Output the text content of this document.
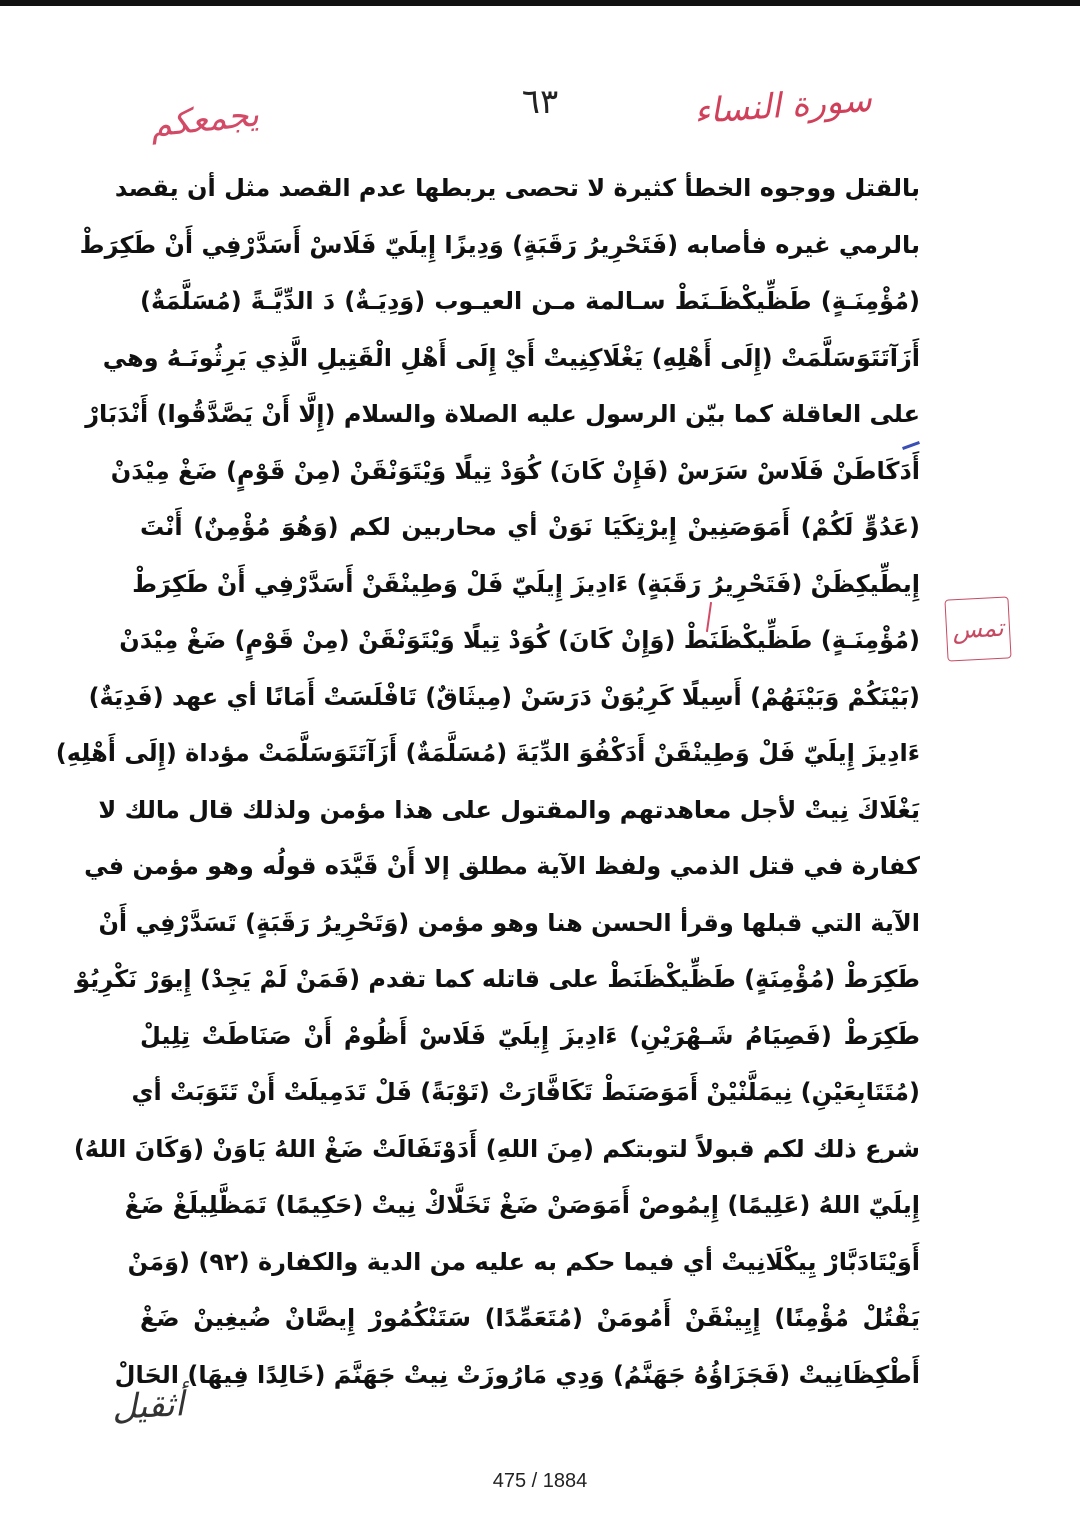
٦٣	سورة النساء
يجمعكم
تمس
بالقتل ووجوه الخطأ كثيرة لا تحصى يربطها عدم القصد مثل أن يقصد
بالرمي غيره فأصابه (فَتَحْرِيرُ رَقَبَةٍ) وَدِيزًا إِيلَيّ فَلَاسْ أَسَدَّرْفِي أَنْ طَكِرَطْ
(مُؤْمِنَـةٍ) طَظِّيكْظَـنَطْ سـالمة مـن العيـوب (وَدِيَـةٌ) دَ الدِّيَّـةً (مُسَلَّمَةٌ)
أَزَآتَتَوَسَلَّمَتْ (إِلَى أَهْلِهِ) يَغْلَاكِنِيتْ أَيْ إِلَى أَهْلِ الْقَتِيلِ الَّذِي يَرِثُونَـهُ وهي
على العاقلة كما بيّن الرسول عليه الصلاة والسلام (إِلَّا أَنْ يَصَّدَّقُوا) أَنْدَبَارْ
أَدَكَاطَنْ فَلَاسْ سَرَسْ (فَإِنْ كَانَ) كُوَدْ تِيلًا وَيْتَوَنْقَنْ (مِنْ قَوْمٍ) ضَغْ مِيْدَنْ
(عَدُوٍّ لَكُمْ) أَمَوَصَنِينْ إِيرْتِكَيَا نَوَنْ أي محاربين لكم (وَهُوَ مُؤْمِنٌ) أَنْتَ
إِيطِّيكِظَنْ (فَتَحْرِيرُ رَقَبَةٍ) ءَادِيزَ إِيلَيّ فَلْ وَطِينْقَنْ أَسَدَّرْفِي أَنْ طَكِرَطْ
(مُؤْمِنَـةٍ) طَظِّيكْظَنَطْ (وَإِنْ كَانَ) كُوَدْ تِيلًا وَيْتَوَنْقَنْ (مِنْ قَوْمٍ) ضَغْ مِيْدَنْ
(بَيْنَكُمْ وَبَيْنَهُمْ) أَسِيلًا كَرِيُوَنْ دَرَسَنْ (مِيثَاقٌ) تَافْلَسَتْ أَمَانًا أي عهد (فَدِيَةٌ)
ءَادِيزَ إِيلَيّ فَلْ وَطِينْقَنْ أَدَكْفُوَ الدِّيَةَ (مُسَلَّمَةٌ) أَزَآتَتَوَسَلَّمَتْ مؤداة (إِلَى أَهْلِهِ)
يَغْلَاكَ نِيتْ لأجل معاهدتهم والمقتول على هذا مؤمن ولذلك قال مالك لا
كفارة في قتل الذمي ولفظ الآية مطلق إلا أَنْ قَيَّدَه قولُه وهو مؤمن في
الآية التي قبلها وقرأ الحسن هنا وهو مؤمن (وَتَحْرِيرُ رَقَبَةٍ) تَسَدَّرْفِي أَنْ
طَكِرَطْ (مُؤْمِنَةٍ) طَظِّيكْظَنَطْ على قاتله كما تقدم (فَمَنْ لَمْ يَجِدْ) إِيوَرْ نَكْرِيُوْ
طَكِرَطْ (فَصِيَامُ شَـهْرَيْنِ) ءَادِيزَ إِيلَيّ فَلَاسْ أَظُومْ أَنْ صَنَاطَتْ تِلِيلْ
(مُتَتَابِعَيْنِ) نِيمَلَّنْيْنْ أَمَوَصَنَطْ تَكَافَّارَتْ (تَوْبَةً) فَلْ تَدَمِيلَتْ أَنْ تَتَوَبَتْ أي
شرع ذلك لكم قبولاً لتوبتكم (مِنَ اللهِ) أَدَوْتَفَالَتْ ضَغْ اللهُ يَاوَنْ (وَكَانَ اللهُ)
إِيلَيّ اللهُ (عَلِيمًا) إِيمُوصْ أَمَوَصَنْ ضَغْ تَخَلَّاكْ نِيتْ (حَكِيمًا) تَمَظَّلِيلَغْ ضَغْ
أَوَيْتَادَبَّارْ يِيكْلَانِيتْ أي فيما حكم به عليه من الدية والكفارة (٩٢) (وَمَنْ
يَقْتُلْ مُؤْمِنًا) إِيِينْقَنْ أَمُومَنْ (مُتَعَمِّدًا) سَتَنْكُمُورْ إِيصَّانْ ضُيغِينْ ضَغْ
أَطْكِظَانِيتْ (فَجَزَاؤُهُ جَهَنَّمُ) وَدِي مَارُوزَتْ نِيتْ جَهَنَّمَ (خَالِدًا فِيهَا) الحَالْ
أثقيل
475 / 1884
